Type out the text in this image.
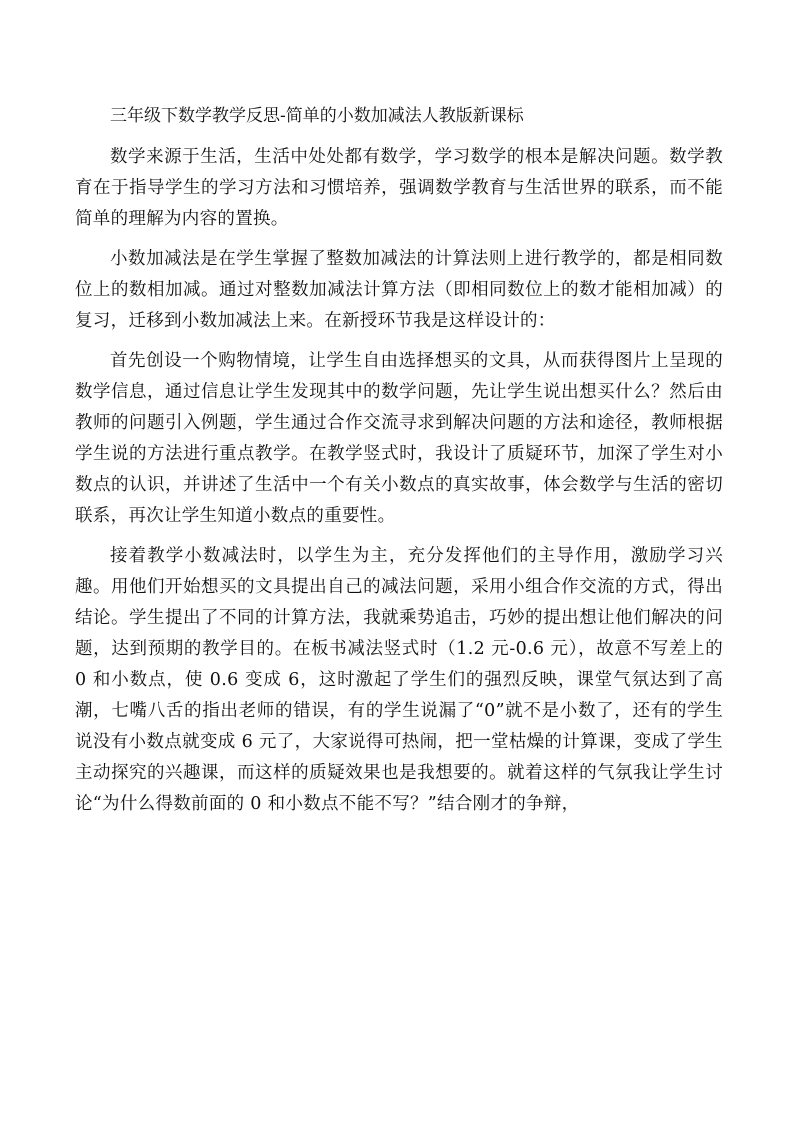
三年级下数学教学反思-简单的小数加减法人教版新课标

数学来源于生活，生活中处处都有数学，学习数学的根本是解决问题。数学教育在于指导学生的学习方法和习惯培养，强调数学教育与生活世界的联系，而不能简单的理解为内容的置换。

小数加减法是在学生掌握了整数加减法的计算法则上进行教学的，都是相同数位上的数相加减。通过对整数加减法计算方法（即相同数位上的数才能相加减）的复习，迁移到小数加减法上来。在新授环节我是这样设计的：

首先创设一个购物情境，让学生自由选择想买的文具，从而获得图片上呈现的数学信息，通过信息让学生发现其中的数学问题，先让学生说出想买什么？然后由教师的问题引入例题，学生通过合作交流寻求到解决问题的方法和途径，教师根据学生说的方法进行重点教学。在教学竖式时，我设计了质疑环节，加深了学生对小数点的认识，并讲述了生活中一个有关小数点的真实故事，体会数学与生活的密切联系，再次让学生知道小数点的重要性。

接着教学小数减法时，以学生为主，充分发挥他们的主导作用，激励学习兴趣。用他们开始想买的文具提出自己的减法问题，采用小组合作交流的方式，得出结论。学生提出了不同的计算方法，我就乘势追击，巧妙的提出想让他们解决的问题，达到预期的教学目的。在板书减法竖式时（1.2 元-0.6 元），故意不写差上的 0 和小数点，使 0.6 变成 6，这时激起了学生们的强烈反映，课堂气氛达到了高潮，七嘴八舌的指出老师的错误，有的学生说漏了“0”就不是小数了，还有的学生说没有小数点就变成 6 元了，大家说得可热闹，把一堂枯燥的计算课，变成了学生主动探究的兴趣课，而这样的质疑效果也是我想要的。就着这样的气氛我让学生讨论“为什么得数前面的 0 和小数点不能不写？”结合刚才的争辩，
